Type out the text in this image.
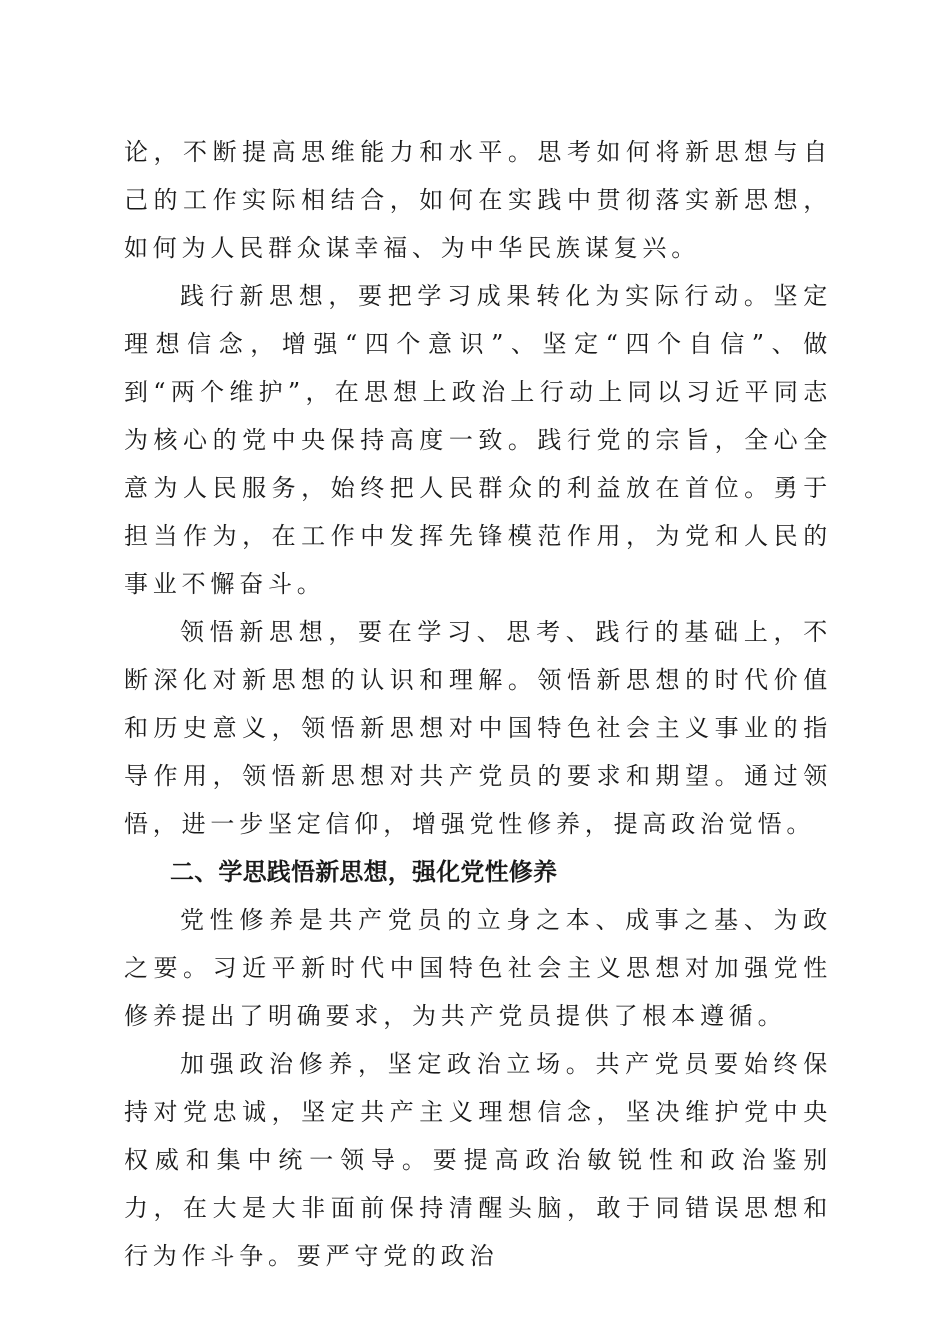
论，不断提高思维能力和水平。思考如何将新思想与自己的工作实际相结合，如何在实践中贯彻落实新思想，如何为人民群众谋幸福、为中华民族谋复兴。

践行新思想，要把学习成果转化为实际行动。坚定理想信念，增强“四个意识”、坚定“四个自信”、做到“两个维护”，在思想上政治上行动上同以习近平同志为核心的党中央保持高度一致。践行党的宗旨，全心全意为人民服务，始终把人民群众的利益放在首位。勇于担当作为，在工作中发挥先锋模范作用，为党和人民的事业不懈奋斗。

领悟新思想，要在学习、思考、践行的基础上，不断深化对新思想的认识和理解。领悟新思想的时代价值和历史意义，领悟新思想对中国特色社会主义事业的指导作用，领悟新思想对共产党员的要求和期望。通过领悟，进一步坚定信仰，增强党性修养，提高政治觉悟。

二、学思践悟新思想，强化党性修养

党性修养是共产党员的立身之本、成事之基、为政之要。习近平新时代中国特色社会主义思想对加强党性修养提出了明确要求，为共产党员提供了根本遵循。

加强政治修养，坚定政治立场。共产党员要始终保持对党忠诚，坚定共产主义理想信念，坚决维护党中央权威和集中统一领导。要提高政治敏锐性和政治鉴别力，在大是大非面前保持清醒头脑，敢于同错误思想和行为作斗争。要严守党的政治
